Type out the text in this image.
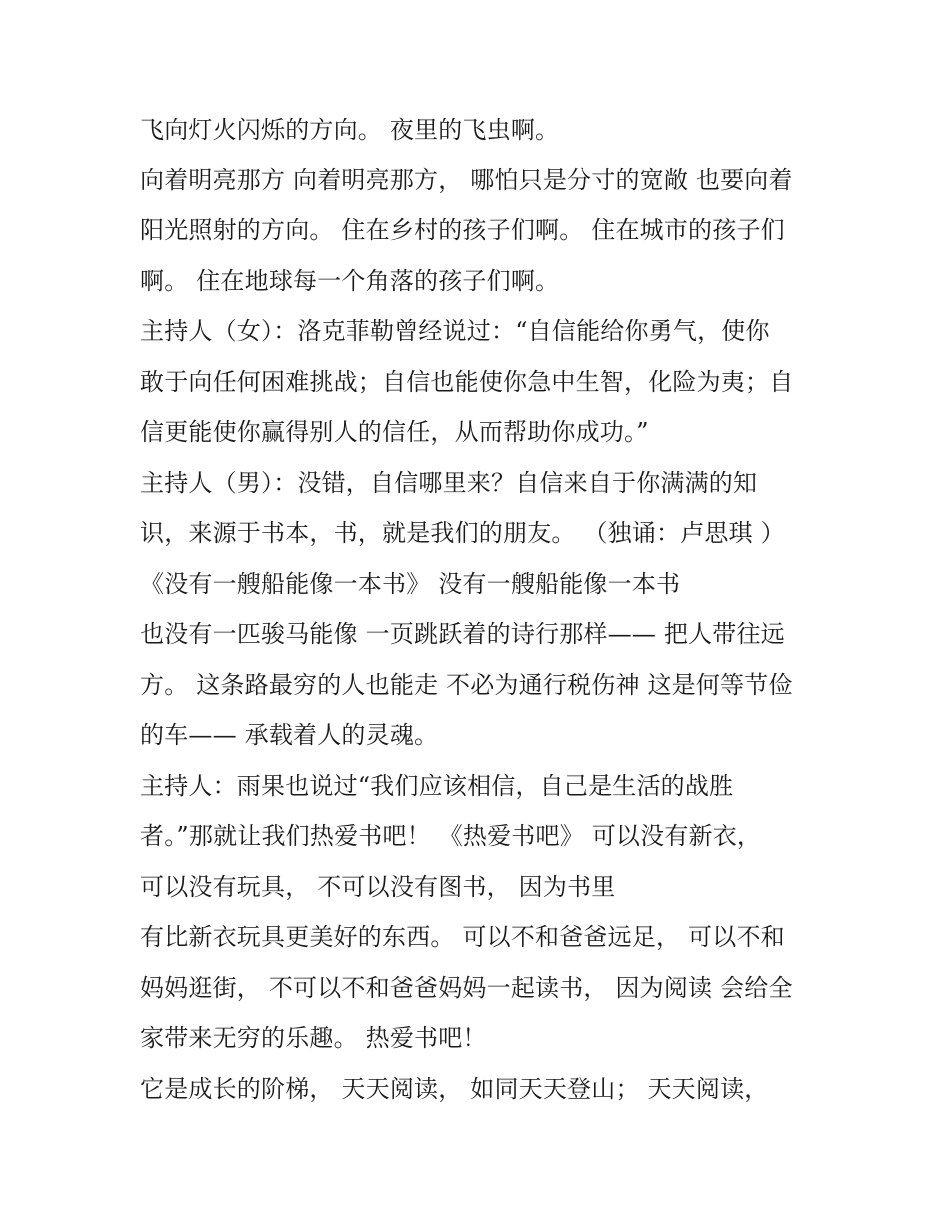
飞向灯火闪烁的方向。 夜里的飞虫啊。
向着明亮那方 向着明亮那方， 哪怕只是分寸的宽敞 也要向着
阳光照射的方向。 住在乡村的孩子们啊。 住在城市的孩子们
啊。 住在地球每一个角落的孩子们啊。
主持人（女）：洛克菲勒曾经说过：“自信能给你勇气，使你
敢于向任何困难挑战；自信也能使你急中生智，化险为夷；自
信更能使你赢得别人的信任，从而帮助你成功。”
主持人（男）：没错，自信哪里来？自信来自于你满满的知
识，来源于书本，书，就是我们的朋友。 （独诵：卢思琪 ）
《没有一艘船能像一本书》 没有一艘船能像一本书
也没有一匹骏马能像 一页跳跃着的诗行那样—— 把人带往远
方。 这条路最穷的人也能走 不必为通行税伤神 这是何等节俭
的车—— 承载着人的灵魂。
主持人：雨果也说过“我们应该相信，自己是生活的战胜
者。”那就让我们热爱书吧！ 《热爱书吧》 可以没有新衣，
可以没有玩具， 不可以没有图书， 因为书里
有比新衣玩具更美好的东西。 可以不和爸爸远足， 可以不和
妈妈逛街， 不可以不和爸爸妈妈一起读书， 因为阅读 会给全
家带来无穷的乐趣。 热爱书吧！
它是成长的阶梯， 天天阅读， 如同天天登山； 天天阅读，
